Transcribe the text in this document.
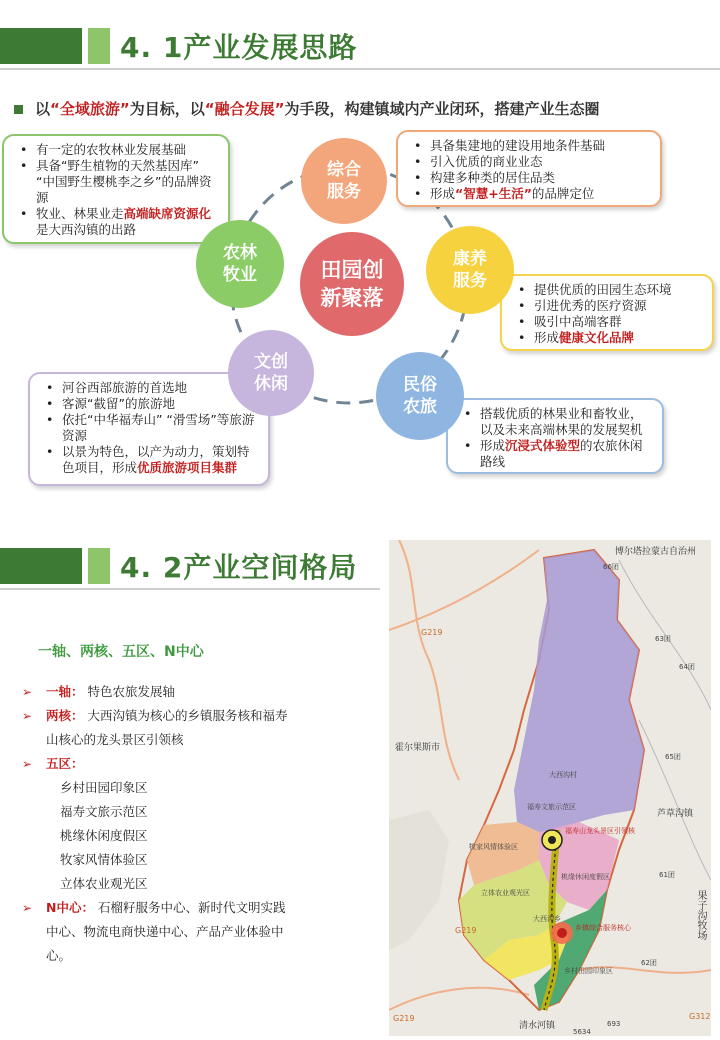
4. 1产业发展思路
以“全域旅游”为目标，以“融合发展”为手段，构建镇域内产业闭环，搭建产业生态圈
• 有一定的农牧林业发展基础
• 具备“野生植物的天然基因库” “中国野生樱桃李之乡”的品牌资源
• 牧业、林果业走高端缺席资源化是大西沟镇的出路
• 具备集建地的建设用地条件基础
• 引入优质的商业业态
• 构建多种类的居住品类
• 形成“智慧+生活”的品牌定位
• 提供优质的田园生态环境
• 引进优秀的医疗资源
• 吸引中高端客群
• 形成健康文化品牌
• 河谷西部旅游的首选地
• 客源“截留”的旅游地
• 依托“中华福寿山” “滑雪场”等旅游资源
• 以景为特色，以产为动力，策划特色项目，形成优质旅游项目集群
• 搭载优质的林果业和畜牧业，以及未来高端林果的发展契机
• 形成沉浸式体验型的农旅休闲路线
综合
服务
康养
服务
民俗
农旅
文创
休闲
农林
牧业	田园创
新聚落
4. 2产业空间格局
一轴、两核、五区、N中心
➢ 一轴： 特色农旅发展轴
➢ 两核： 大西沟镇为核心的乡镇服务核和福寿山核心的龙头景区引领核
➢ 五区：
乡村田园印象区
福寿文旅示范区
桃缘休闲度假区
牧家风情体验区
立体农业观光区
➢ N中心： 石榴籽服务中心、新时代文明实践中心、物流电商快递中心、产品产业体验中心。
博尔塔拉蒙古自治州
霍尔果斯市
芦草沟镇
果子沟牧场
清水河镇
大西沟村
福寿文旅示范区
福寿山龙头景区引领核
牧家风情体验区
桃缘休闲度假区
立体农业观光区
大西沟乡
乡镇综合服务核心
乡村田园印象区
G219
G219
G219	G312
66团
63团
64团
65团
62团
61团
693
5634
